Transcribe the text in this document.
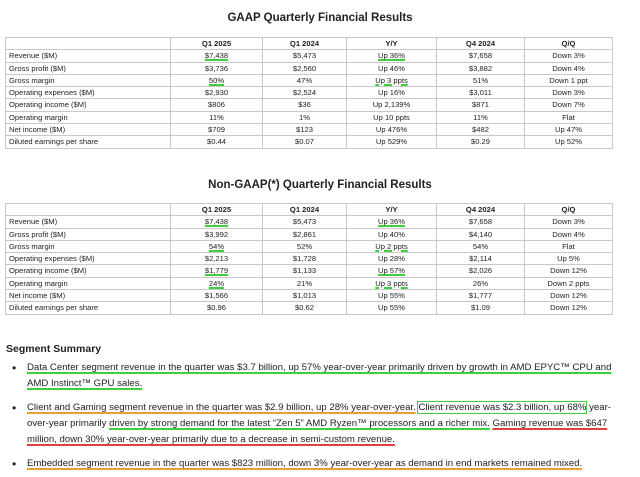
GAAP Quarterly Financial Results
	Q1 2025	Q1 2024	Y/Y	Q4 2024	Q/Q
Revenue ($M)	$7,438	$5,473	Up 36%	$7,658	Down 3%
Gross profit ($M)	$3,736	$2,560	Up 46%	$3,882	Down 4%
Gross margin	50%	47%	Up 3 ppts	51%	Down 1 ppt
Operating expenses ($M)	$2,930	$2,524	Up 16%	$3,011	Down 3%
Operating income ($M)	$806	$36	Up 2,139%	$871	Down 7%
Operating margin	11%	1%	Up 10 ppts	11%	Flat
Net income ($M)	$709	$123	Up 476%	$482	Up 47%
Diluted earnings per share	$0.44	$0.07	Up 529%	$0.29	Up 52%
Non-GAAP(*) Quarterly Financial Results
	Q1 2025	Q1 2024	Y/Y	Q4 2024	Q/Q
Revenue ($M)	$7,438	$5,473	Up 36%	$7,658	Down 3%
Gross profit ($M)	$3,992	$2,861	Up 40%	$4,140	Down 4%
Gross margin	54%	52%	Up 2 ppts	54%	Flat
Operating expenses ($M)	$2,213	$1,728	Up 28%	$2,114	Up 5%
Operating income ($M)	$1,779	$1,133	Up 57%	$2,026	Down 12%
Operating margin	24%	21%	Up 3 ppts	26%	Down 2 ppts
Net income ($M)	$1,566	$1,013	Up 55%	$1,777	Down 12%
Diluted earnings per share	$0.96	$0.62	Up 55%	$1.09	Down 12%
Segment Summary
• Data Center segment revenue in the quarter was $3.7 billion, up 57% year-over-year primarily driven by growth in AMD EPYC™ CPU and AMD Instinct™ GPU sales.
• Client and Gaming segment revenue in the quarter was $2.9 billion, up 28% year-over-year. Client revenue was $2.3 billion, up 68% year-over-year primarily driven by strong demand for the latest “Zen 5” AMD Ryzen™ processors and a richer mix. Gaming revenue was $647 million, down 30% year-over-year primarily due to a decrease in semi-custom revenue.
• Embedded segment revenue in the quarter was $823 million, down 3% year-over-year as demand in end markets remained mixed.
